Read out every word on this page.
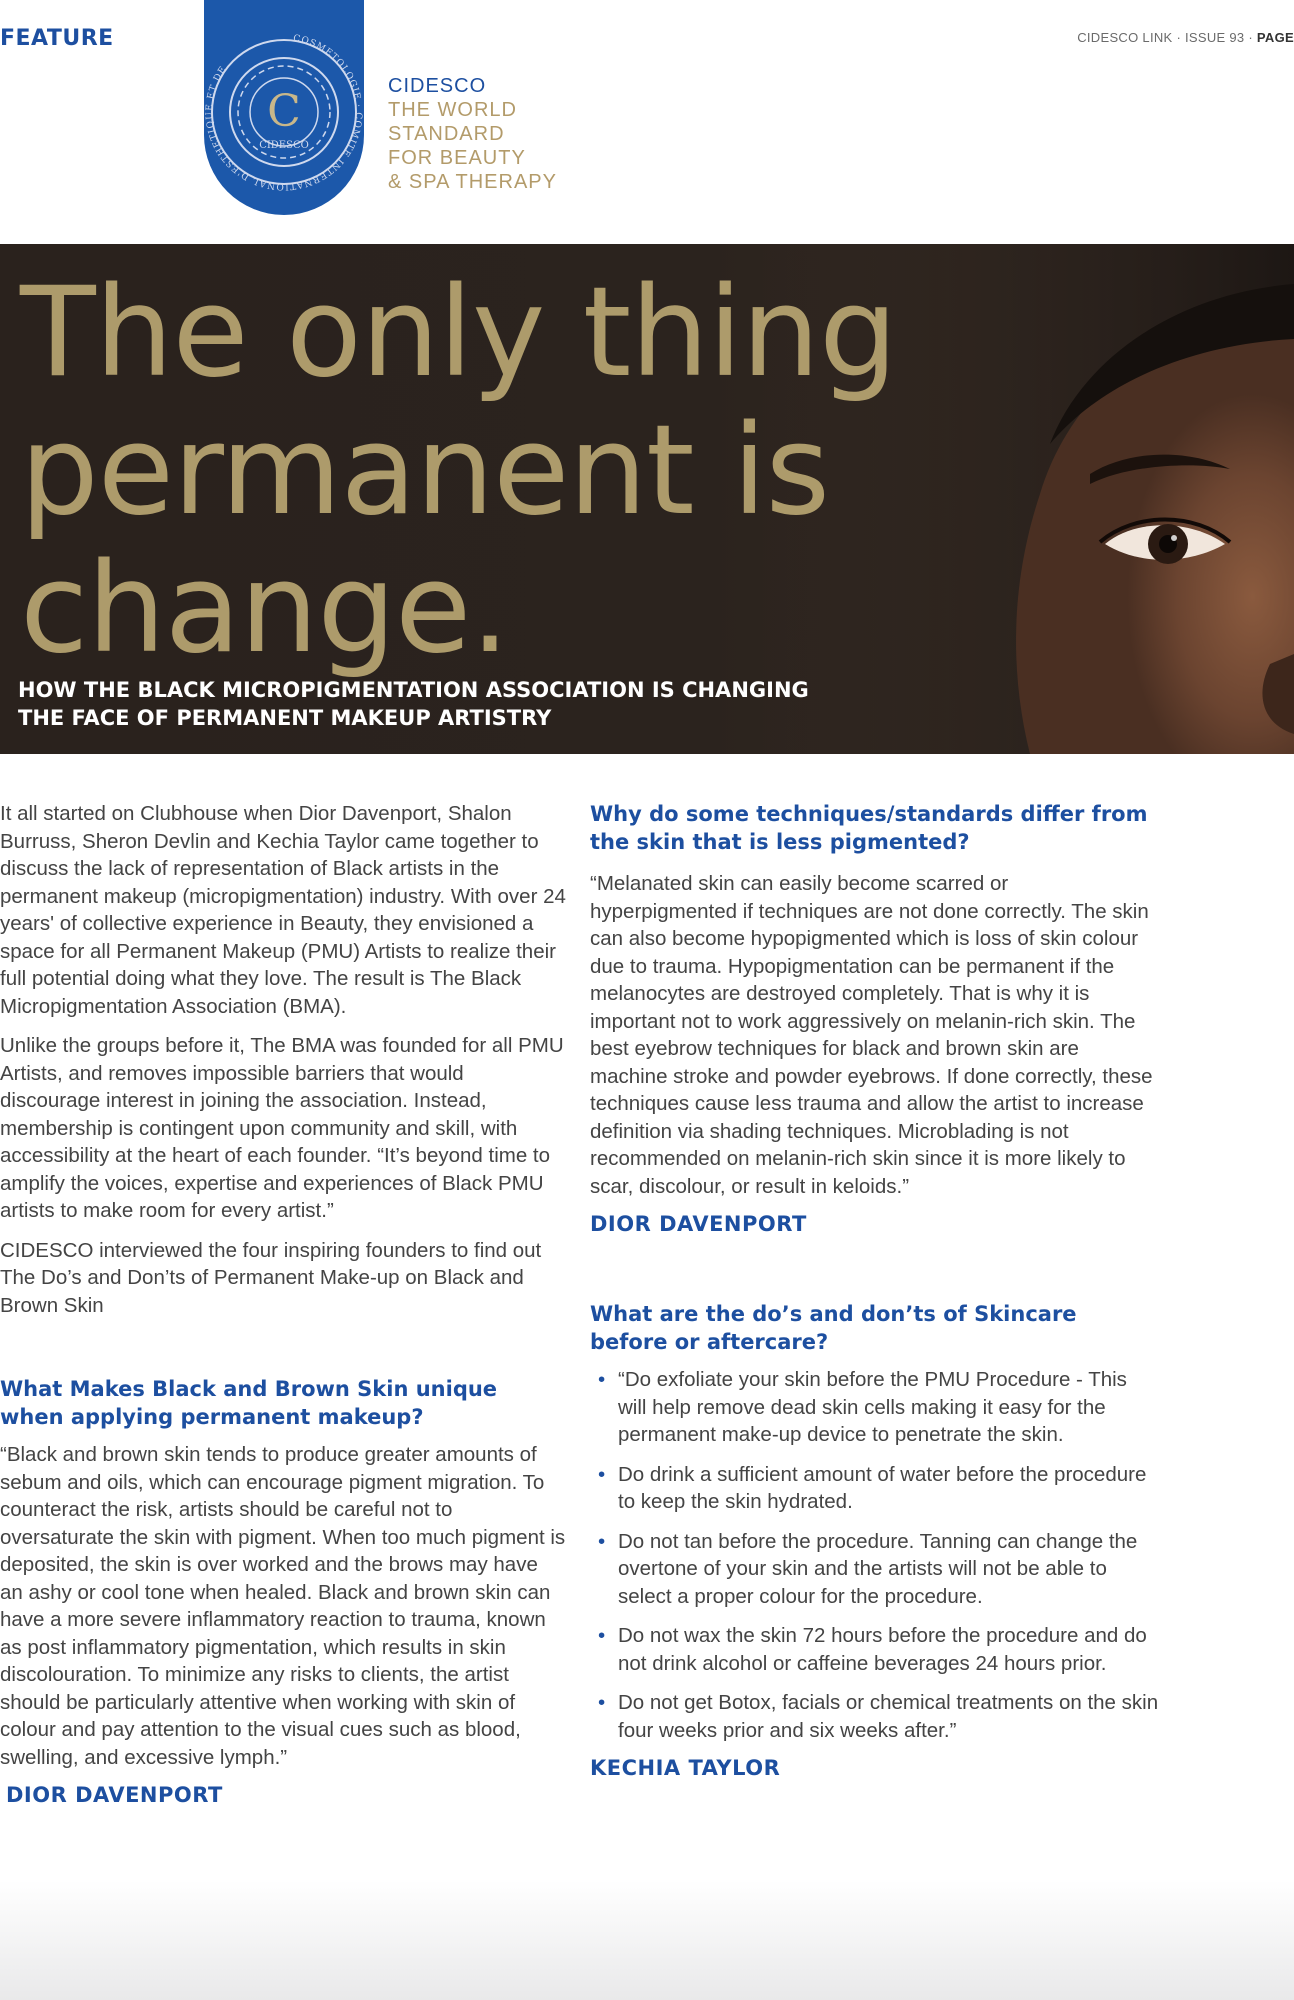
FEATURE	CIDESCO LINK · ISSUE 93 · PAGE
C
CIDESCO
COSMETOLOGIE · COMITE INTERNATIONAL D'ESTHETIQUE ET DE
CIDESCO
THE WORLD
STANDARD
FOR BEAUTY
& SPA THERAPY
The only thing
permanent is
change.
HOW THE BLACK MICROPIGMENTATION ASSOCIATION IS CHANGING
THE FACE OF PERMANENT MAKEUP ARTISTRY

It all started on Clubhouse when Dior Davenport, Shalon Burruss, Sheron Devlin and Kechia Taylor came together to discuss the lack of representation of Black artists in the permanent makeup (micropigmentation) industry. With over 24 years' of collective experience in Beauty, they envisioned a space for all Permanent Makeup (PMU) Artists to realize their full potential doing what they love. The result is The Black Micropigmentation Association (BMA).

Unlike the groups before it, The BMA was founded for all PMU Artists, and removes impossible barriers that would discourage interest in joining the association. Instead, membership is contingent upon community and skill, with accessibility at the heart of each founder. “It’s beyond time to amplify the voices, expertise and experiences of Black PMU artists to make room for every artist.”

CIDESCO interviewed the four inspiring founders to find out The Do’s and Don’ts of Permanent Make-up on Black and Brown Skin

What Makes Black and Brown Skin unique when applying permanent makeup?

“Black and brown skin tends to produce greater amounts of sebum and oils, which can encourage pigment migration. To counteract the risk, artists should be careful not to oversaturate the skin with pigment. When too much pigment is deposited, the skin is over worked and the brows may have an ashy or cool tone when healed. Black and brown skin can have a more severe inflammatory reaction to trauma, known as post inflammatory pigmentation, which results in skin discolouration. To minimize any risks to clients, the artist should be particularly attentive when working with skin of colour and pay attention to the visual cues such as blood, swelling, and excessive lymph.”

DIOR DAVENPORT
Why do some techniques/standards differ from the skin that is less pigmented?

“Melanated skin can easily become scarred or hyperpigmented if techniques are not done correctly. The skin can also become hypopigmented which is loss of skin colour due to trauma. Hypopigmentation can be permanent if the melanocytes are destroyed completely. That is why it is important not to work aggressively on melanin-rich skin. The best eyebrow techniques for black and brown skin are machine stroke and powder eyebrows. If done correctly, these techniques cause less trauma and allow the artist to increase definition via shading techniques. Microblading is not recommended on melanin-rich skin since it is more likely to scar, discolour, or result in keloids.”

DIOR DAVENPORT
What are the do’s and don’ts of Skincare before or aftercare?
• “Do exfoliate your skin before the PMU Procedure - This will help remove dead skin cells making it easy for the permanent make-up device to penetrate the skin.
• Do drink a sufficient amount of water before the procedure to keep the skin hydrated.
• Do not tan before the procedure. Tanning can change the overtone of your skin and the artists will not be able to select a proper colour for the procedure.
• Do not wax the skin 72 hours before the procedure and do not drink alcohol or caffeine beverages 24 hours prior.
• Do not get Botox, facials or chemical treatments on the skin four weeks prior and six weeks after.”
KECHIA TAYLOR
